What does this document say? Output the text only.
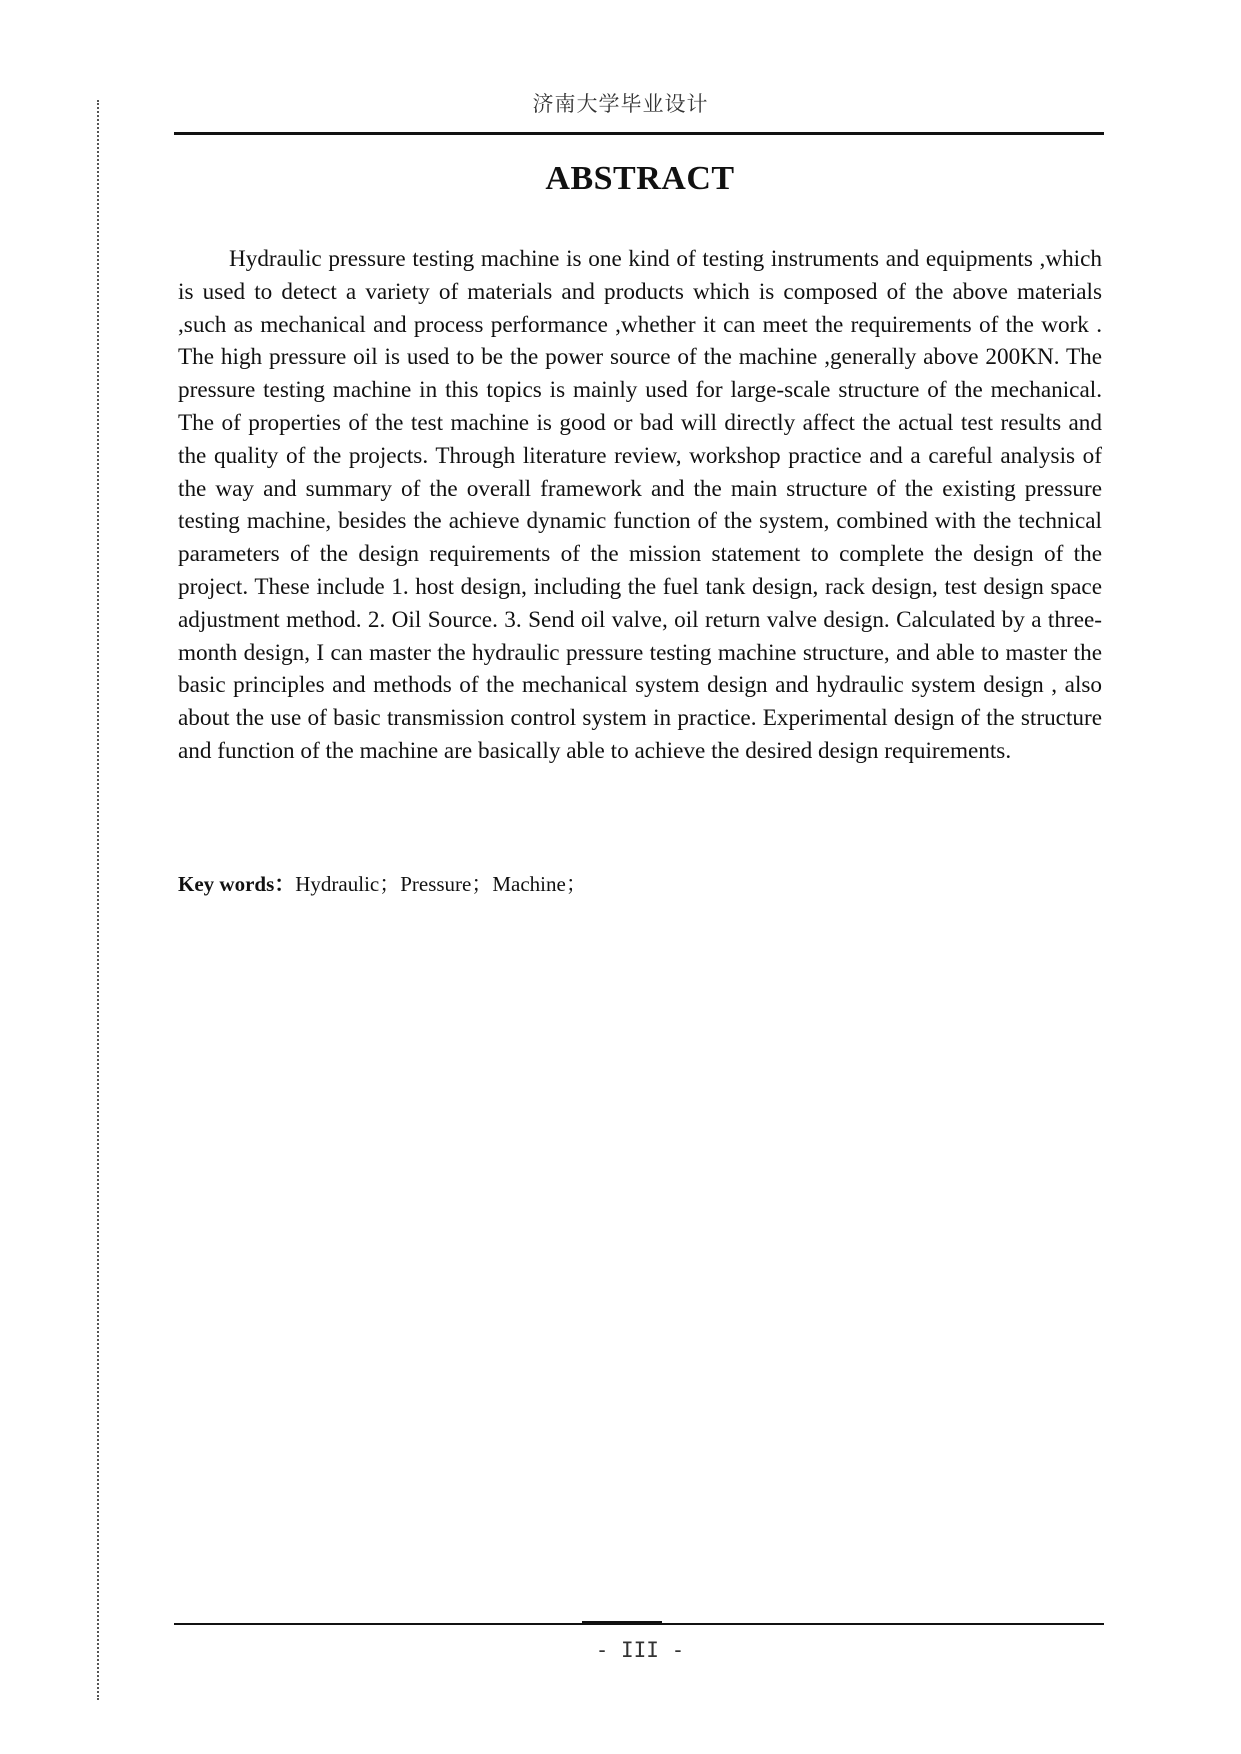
济南大学毕业设计
ABSTRACT

Hydraulic pressure testing machine is one kind of testing instruments and equipments ,which is used to detect a variety of materials and products which is composed of the above materials ,such as mechanical and process performance ,whether it can meet the requirements of the work . The high pressure oil is used to be the power source of the machine ,generally above 200KN. The pressure testing machine in this topics is mainly used for large-scale structure of the mechanical. The of properties of the test machine is good or bad will directly affect the actual test results and the quality of the projects. Through literature review, workshop practice and a careful analysis of the way and summary of the overall framework and the main structure of the existing pressure testing machine, besides the achieve dynamic function of the system, combined with the technical parameters of the design requirements of the mission statement to complete the design of the project. These include 1. host design, including the fuel tank design, rack design, test design space adjustment method. 2. Oil Source. 3. Send oil valve, oil return valve design. Calculated by a three-month design, I can master the hydraulic pressure testing machine structure, and able to master the basic principles and methods of the mechanical system design and hydraulic system design , also about the use of basic transmission control system in practice. Experimental design of the structure and function of the machine are basically able to achieve the desired design requirements.

Key words：Hydraulic；Pressure；Machine；
- III -
